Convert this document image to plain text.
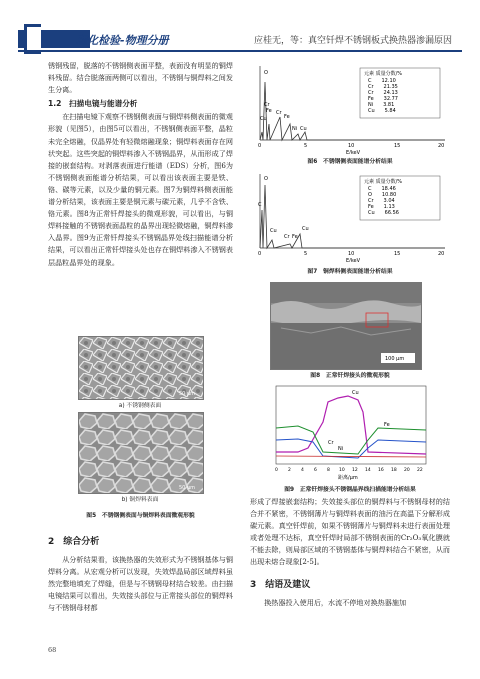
理化检验-物理分册	应桂无，等：真空钎焊不锈钢板式换热器渗漏原因

锈钢残留，脱落的不锈钢侧表面平整，表面没有明显的铜焊料残留。结合脱落面两侧可以看出，不锈钢与铜焊料之间发生分离。

1.2　扫描电镜与能谱分析

在扫描电镜下观察不锈钢侧表面与铜焊料侧表面的微观形貌（见图5），由图5可以看出，不锈钢侧表面平整，晶粒未完全熔融，仅晶界处有轻微熔融现象；铜焊料表面存在网状突起。这些突起的铜焊料渗入不锈钢晶界，从而形成了焊接的嵌套结构。对剥落表面进行能谱（EDS）分析，图6为不锈钢侧表面能谱分析结果，可以看出该表面主要是铁、铬、碳等元素，以及少量的铜元素。图7为铜焊料侧表面能谱分析结果，该表面主要是铜元素与碳元素，几乎不含铁、铬元素。图8为正常钎焊接头的微观形貌，可以看出，与铜焊料接触的不锈钢表面晶粒的晶界出现轻微熔融，铜焊料渗入晶界。图9为正常钎焊接头不锈钢晶界处线扫描能谱分析结果，可以看出正常钎焊接头处也存在铜焊料渗入不锈钢表层晶粒晶界处的现象。

50 μm
a) 不锈钢侧表面
50 μm
b) 铜焊料表面
图5　不锈钢侧表面与铜焊料表面微观形貌
2　综合分析

从分析结果看，该换热器的失效形式为不锈钢基体与铜焊料分离。从宏观分析可以发现，失效焊晶局部区域焊料虽然完整地填充了焊缝，但是与不锈钢母材结合较差。由扫描电镜结果可以看出，失效接头部位与正常接头部位的铜焊料与不锈钢母材都

O
Cr
Fe
Cu
Cr
Fe
Ni Cu
元素 质量分数/%
C　　12.10
Cr　　21.35
Cr　　24.13
Fe　　32.77
Ni　　3.81
Cu　　5.84
0	5	10	15	20
E/keV
图6　不锈钢侧表面能谱分析结果
O
C
Cu
Cr Fe
Cu
元素 质量分数/%
C　　18.46
O　　10.80
Cr　　3.04
Fe　　1.13
Cu　　66.56
0	5	10	15	20
E/keV
图7　铜焊料侧表面能谱分析结果
100 μm
图8　正常钎焊接头的微观形貌
Cu
Fe
Cr
Ni
0 2 4 6 8 10 12 14 16 18 20 22
距离/μm
图9　正常钎焊接头不锈钢晶界线扫描能谱分析结果

形成了焊接嵌套结构；失效接头部位的铜焊料与不锈钢母材的结合并不紧密，不锈钢薄片与铜焊料表面的油污在高温下分解形成碳元素。真空钎焊前，如果不锈钢薄片与铜焊料未进行表面处理或者处理不达标，真空钎焊时局部不锈钢表面的Cr₂O₃氧化膜就不能去除，则局部区域的不锈钢基体与铜焊料结合不紧密，从而出现未熔合现象[2-5]。

3　结语及建议

换热器投入使用后，水流不停地对换热器施加

68
